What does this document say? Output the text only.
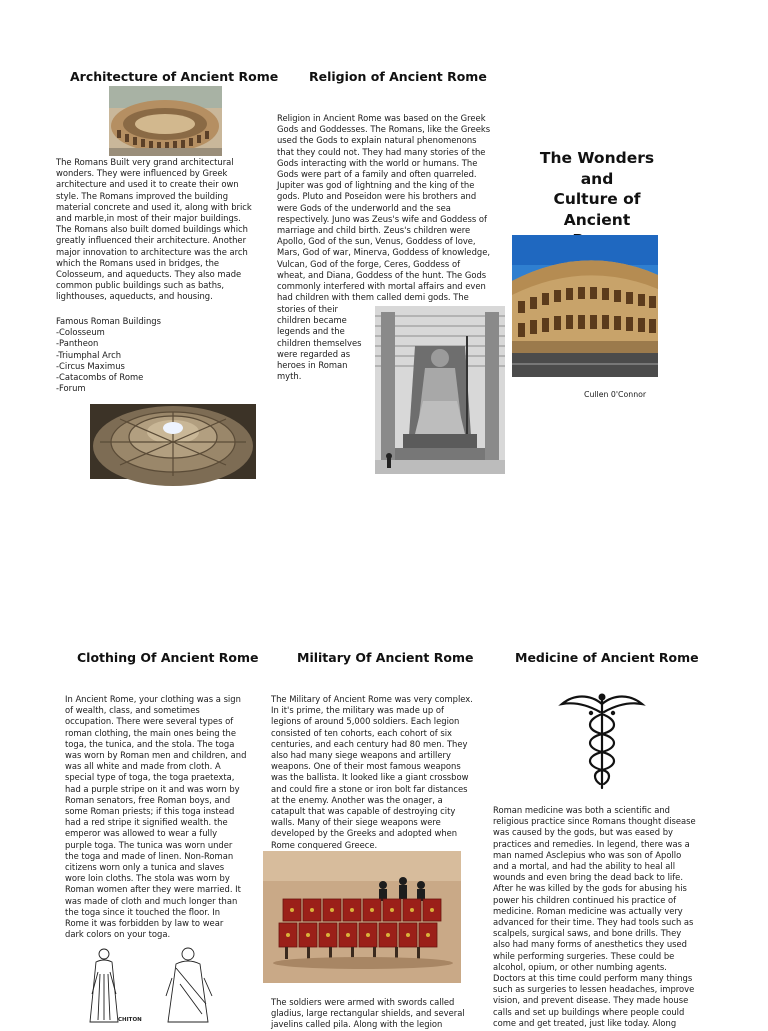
Architecture of Ancient Rome
The Romans Built very grand architectural
wonders. They were influenced by Greek
architecture and used it to create their own
style. The Romans improved the building
material concrete and used it, along with brick
and marble,in most of their major buildings.
The Romans also built domed buildings which
greatly influenced their architecture. Another
major innovation to architecture was the arch
which the Romans used in bridges, the
Colosseum, and aqueducts. They also made
common public buildings such as baths,
lighthouses, aqueducts, and housing.
Famous Roman Buildings
-Colosseum
-Pantheon
-Triumphal Arch
-Circus Maximus
-Catacombs of Rome
-Forum
Religion of Ancient Rome
Religion in Ancient Rome was based on the Greek
Gods and Goddesses. The Romans, like the Greeks
used the Gods to explain natural phenomenons
that they could not. They had many stories of the
Gods interacting with the world or humans. The
Gods were part of a family and often quarreled.
Jupiter was god of lightning and the king of the
gods. Pluto and Poseidon were his brothers and
were Gods of the underworld and the sea
respectively. Juno was Zeus's wife and Goddess of
marriage and child birth. Zeus's children were
Apollo, God of the sun, Venus, Goddess of love,
Mars, God of war, Minerva, Goddess of knowledge,
Vulcan, God of the forge, Ceres, Goddess of
wheat, and Diana, Goddess of the hunt. The Gods
commonly interfered with mortal affairs and even
had children with them called demi gods. The
stories of their
children became
legends and the
children themselves
were regarded as
heroes in Roman
myth.
The Wonders and
Culture of Ancient
Cullen 0'Connor
Clothing Of Ancient Rome
In Ancient Rome, your clothing was a sign
of wealth, class, and sometimes
occupation. There were several types of
roman clothing, the main ones being the
toga, the tunica, and the stola. The toga
was worn by Roman men and children, and
was all white and made from cloth. A
special type of toga, the toga praetexta,
had a purple stripe on it and was worn by
Roman senators, free Roman boys, and
some Roman priests; if this toga instead
had a red stripe it signified wealth. the
emperor was allowed to wear a fully
purple toga. The tunica was worn under
the toga and made of linen. Non-Roman
citizens worn only a tunica and slaves
wore loin cloths. The stola was worn by
Roman women after they were married. It
was made of cloth and much longer than
the toga since it touched the floor. In
Rome it was forbidden by law to wear
dark colors on your toga.
CHITON
Military Of Ancient Rome
The Military of Ancient Rome was very complex.
In it's prime, the military was made up of
legions of around 5,000 soldiers. Each legion
consisted of ten cohorts, each cohort of six
centuries, and each century had 80 men. They
also had many siege weapons and artillery
weapons. One of their most famous weapons
was the ballista. It looked like a giant crossbow
and could fire a stone or iron bolt far distances
at the enemy. Another was the onager, a
catapult that was capable of destroying city
walls. Many of their siege weapons were
developed by the Greeks and adopted when
Rome conquered Greece.
The soldiers were armed with swords called
gladius, large rectangular shields, and several
javelins called pila. Along with the legion
Medicine of Ancient Rome
Roman medicine was both a scientific and
religious practice since Romans thought disease
was caused by the gods, but was eased by
practices and remedies. In legend, there was a
man named Asclepius who was son of Apollo
and a mortal, and had the ability to heal all
wounds and even bring the dead back to life.
After he was killed by the gods for abusing his
power his children continued his practice of
medicine. Roman medicine was actually very
advanced for their time. They had tools such as
scalpels, surgical saws, and bone drills. They
also had many forms of anesthetics they used
while performing surgeries. These could be
alcohol, opium, or other numbing agents.
Doctors at this time could perform many things
such as surgeries to lessen headaches, improve
vision, and prevent disease. They made house
calls and set up buildings where people could
come and get treated, just like today. Along
